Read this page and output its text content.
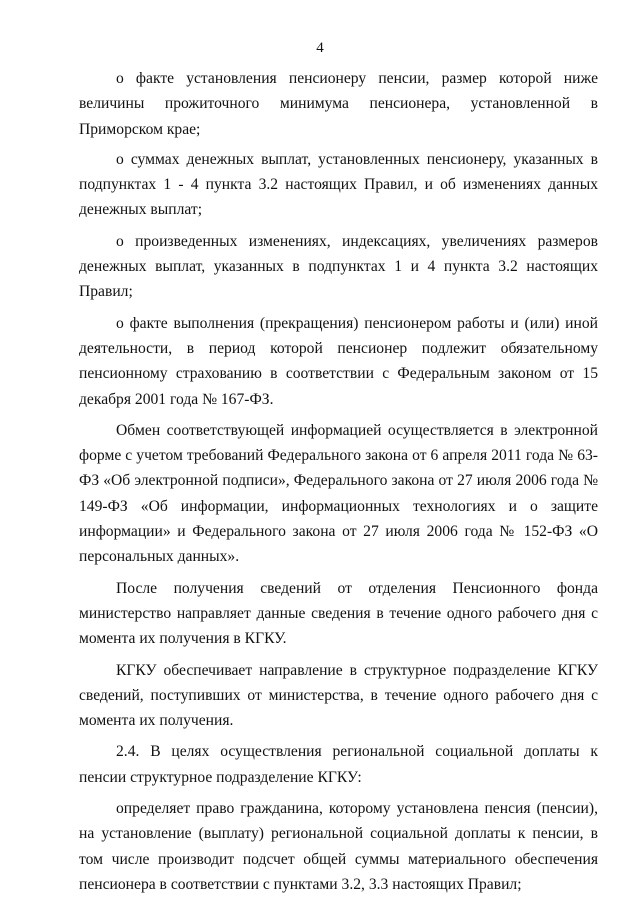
4

о факте установления пенсионеру пенсии, размер которой ниже величины прожиточного минимума пенсионера, установленной в Приморском крае;

о суммах денежных выплат, установленных пенсионеру, указанных в подпунктах 1 - 4 пункта 3.2 настоящих Правил, и об изменениях данных денежных выплат;

о произведенных изменениях, индексациях, увеличениях размеров денежных выплат, указанных в подпунктах 1 и 4 пункта 3.2 настоящих Правил;

о факте выполнения (прекращения) пенсионером работы и (или) иной деятельности, в период которой пенсионер подлежит обязательному пенсионному страхованию в соответствии с Федеральным законом от 15 декабря 2001 года № 167-ФЗ.

Обмен соответствующей информацией осуществляется в электронной форме с учетом требований Федерального закона от 6 апреля 2011 года № 63-ФЗ «Об электронной подписи», Федерального закона от 27 июля 2006 года № 149-ФЗ «Об информации, информационных технологиях и о защите информации» и Федерального закона от 27 июля 2006 года № 152-ФЗ «О персональных данных».

После получения сведений от отделения Пенсионного фонда министерство направляет данные сведения в течение одного рабочего дня с момента их получения в КГКУ.

КГКУ обеспечивает направление в структурное подразделение КГКУ сведений, поступивших от министерства, в течение одного рабочего дня с момента их получения.

2.4. В целях осуществления региональной социальной доплаты к пенсии структурное подразделение КГКУ:

определяет право гражданина, которому установлена пенсия (пенсии), на установление (выплату) региональной социальной доплаты к пенсии, в том числе производит подсчет общей суммы материального обеспечения пенсионера в соответствии с пунктами 3.2, 3.3 настоящих Правил;
